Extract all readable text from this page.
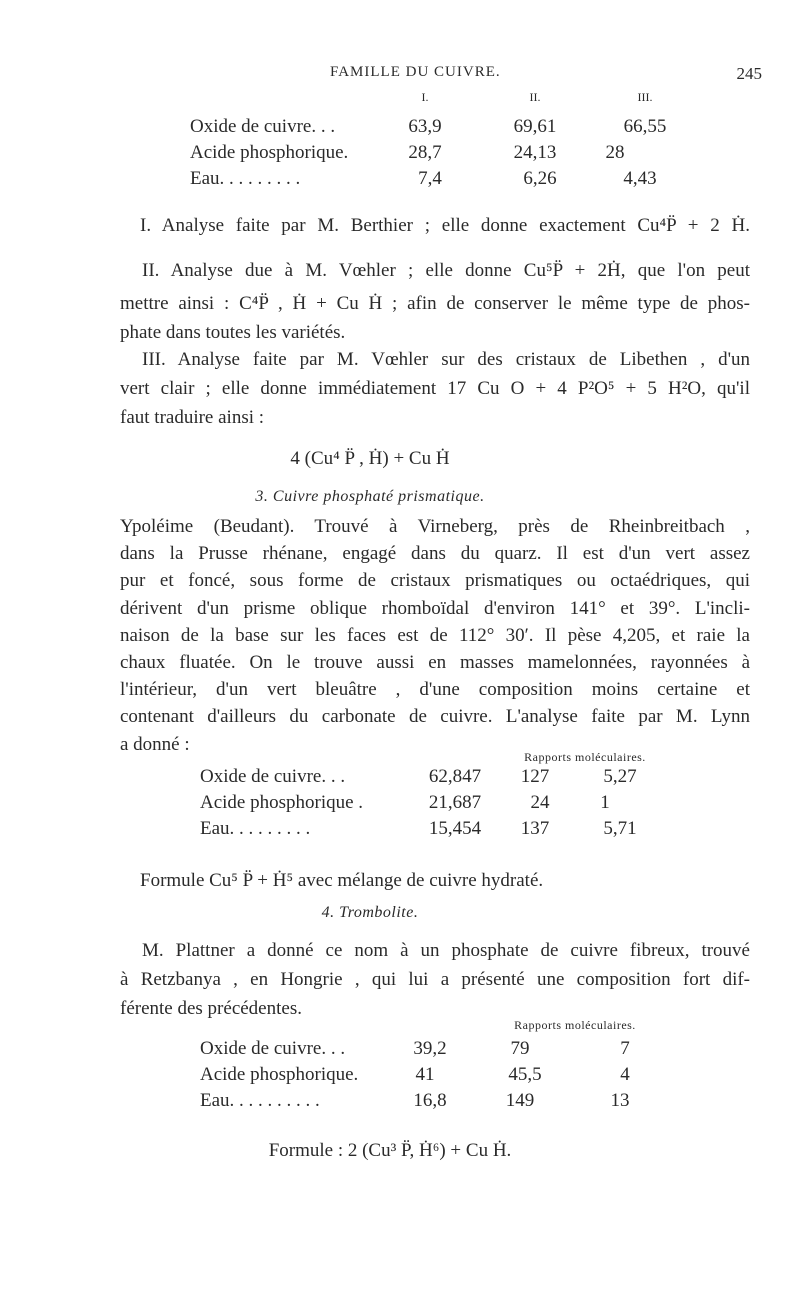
FAMILLE DU CUIVRE.	245
I.	II.	III.
Oxide de cuivre. . .	63,9	69,61	66,55
Acide phosphorique.	28,7	24,13	28
Eau. . . . . . . . .	7,4	6,26	4,43
I. Analyse faite par M. Berthier ; elle donne exactement Cu⁴P̈ + 2 Ḣ.
II. Analyse due à M. Vœhler ; elle donne Cu⁵P̈ + 2Ḣ, que l'on peut
mettre ainsi : C⁴P̈ , Ḣ + Cu Ḣ ; afin de conserver le même type de phos-
phate dans toutes les variétés.
III. Analyse faite par M. Vœhler sur des cristaux de Libethen , d'un
vert clair ; elle donne immédiatement 17 Cu O + 4 P²O⁵ + 5 H²O, qu'il
faut traduire ainsi :
4 (Cu⁴ P̈ , Ḣ) + Cu Ḣ
3. Cuivre phosphaté prismatique.
Ypoléime (Beudant). Trouvé à Virneberg, près de Rheinbreitbach ,
dans la Prusse rhénane, engagé dans du quarz. Il est d'un vert assez
pur et foncé, sous forme de cristaux prismatiques ou octaédriques, qui
dérivent d'un prisme oblique rhomboïdal d'environ 141° et 39°. L'incli-
naison de la base sur les faces est de 112° 30′. Il pèse 4,205, et raie la
chaux fluatée. On le trouve aussi en masses mamelonnées, rayonnées à
l'intérieur, d'un vert bleuâtre , d'une composition moins certaine et
contenant d'ailleurs du carbonate de cuivre. L'analyse faite par M. Lynn
a donné :
Rapports moléculaires.
Oxide de cuivre. . .	62,847	127	5,27
Acide phosphorique .	21,687	24	1
Eau. . . . . . . . .	15,454	137	5,71
Formule Cu⁵ P̈ + Ḣ⁵ avec mélange de cuivre hydraté.
4. Trombolite.
M. Plattner a donné ce nom à un phosphate de cuivre fibreux, trouvé
à Retzbanya , en Hongrie , qui lui a présenté une composition fort dif-
férente des précédentes.
Rapports moléculaires.
Oxide de cuivre. . .	39,2	79	7
Acide phosphorique.	41	45,5	4
Eau. . . . . . . . . .	16,8	149	13
Formule : 2 (Cu³ P̈, Ḣ⁶) + Cu Ḣ.
